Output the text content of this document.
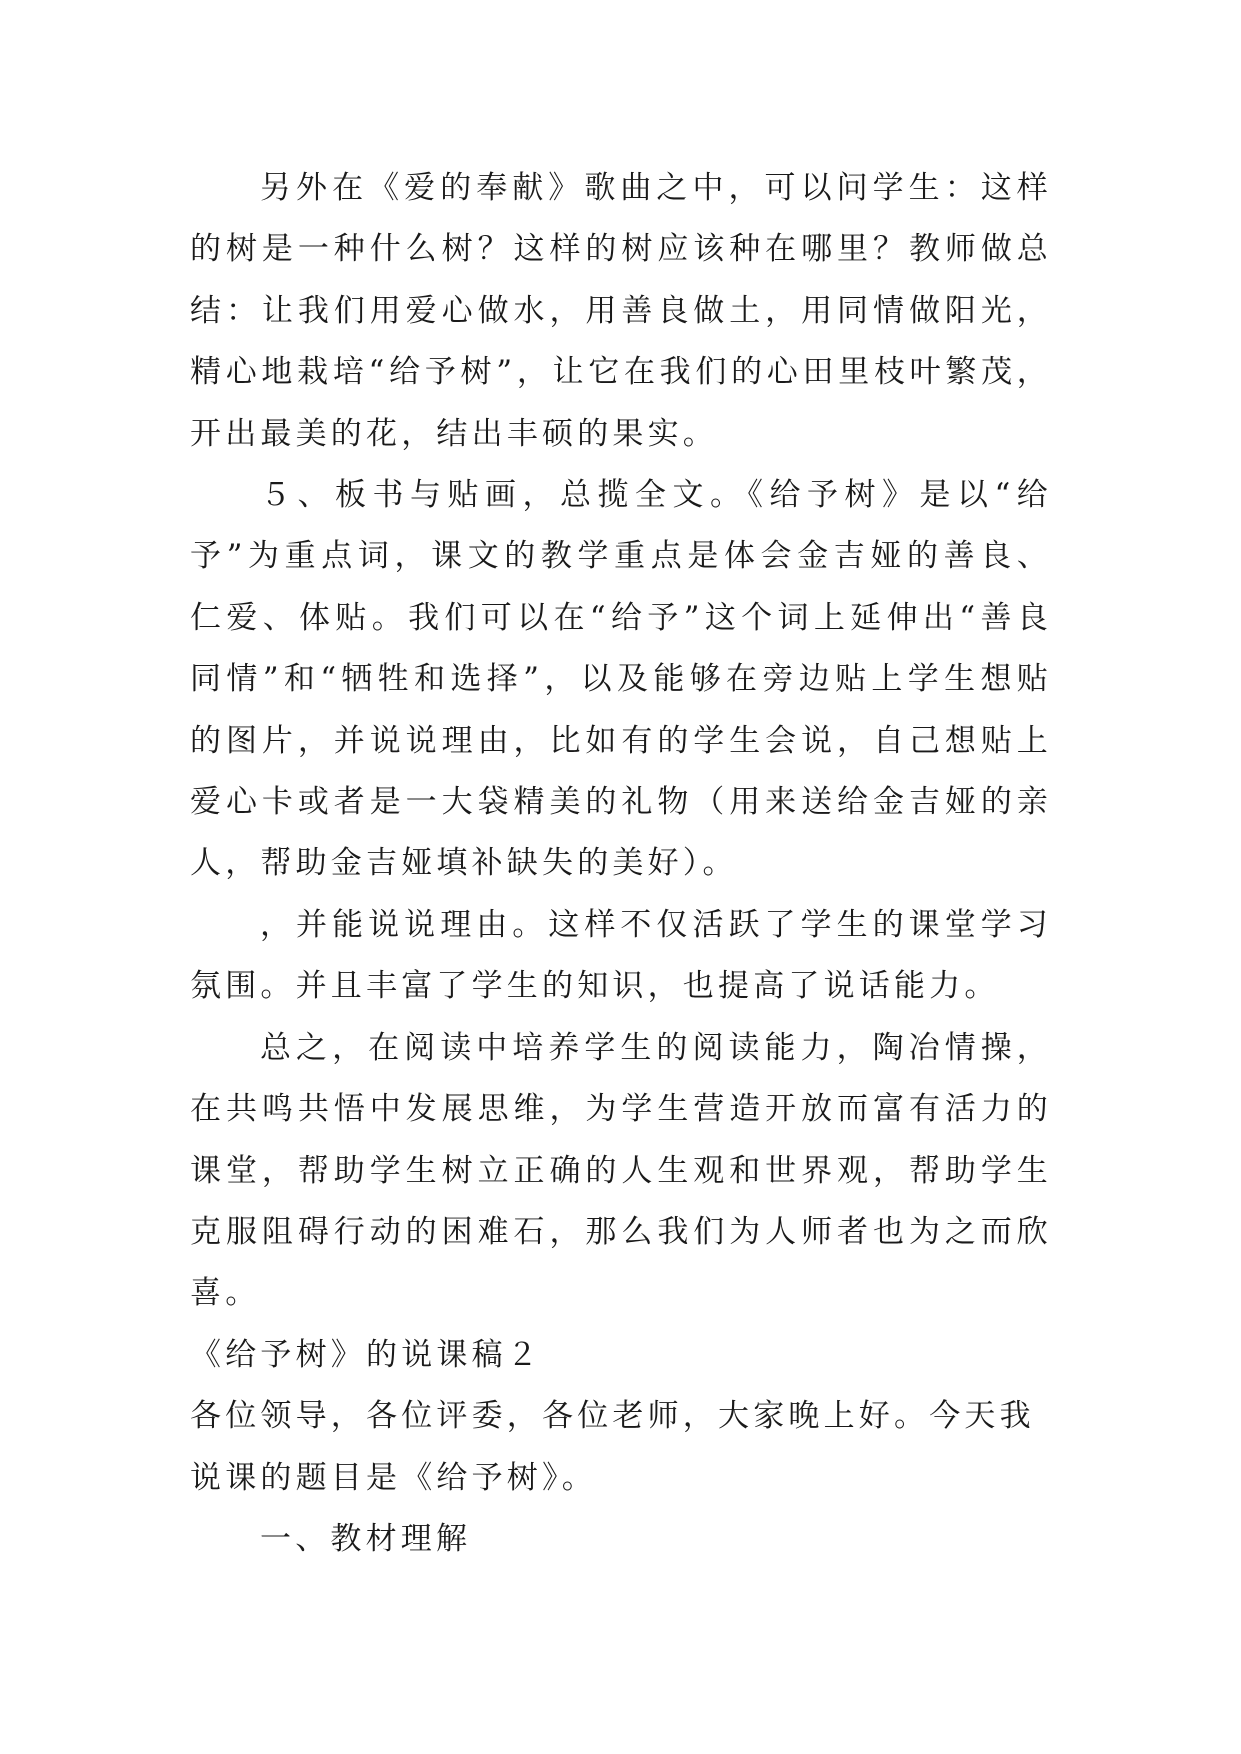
另外在《爱的奉献》歌曲之中，可以问学生：这样的树是一种什么树？这样的树应该种在哪里？教师做总结：让我们用爱心做水，用善良做土，用同情做阳光，精心地栽培“给予树”，让它在我们的心田里枝叶繁茂，开出最美的花，结出丰硕的果实。

５、板书与贴画，总揽全文。《给予树》是以“给予”为重点词，课文的教学重点是体会金吉娅的善良、仁爱、体贴。我们可以在“给予”这个词上延伸出“善良同情”和“牺牲和选择”，以及能够在旁边贴上学生想贴的图片，并说说理由，比如有的学生会说，自己想贴上爱心卡或者是一大袋精美的礼物（用来送给金吉娅的亲人，帮助金吉娅填补缺失的美好）。

，并能说说理由。这样不仅活跃了学生的课堂学习氛围。并且丰富了学生的知识，也提高了说话能力。

总之，在阅读中培养学生的阅读能力，陶冶情操，在共鸣共悟中发展思维，为学生营造开放而富有活力的课堂，帮助学生树立正确的人生观和世界观，帮助学生克服阻碍行动的困难石，那么我们为人师者也为之而欣喜。

《给予树》的说课稿２

各位领导，各位评委，各位老师，大家晚上好。今天我说课的题目是《给予树》。

一、教材理解
